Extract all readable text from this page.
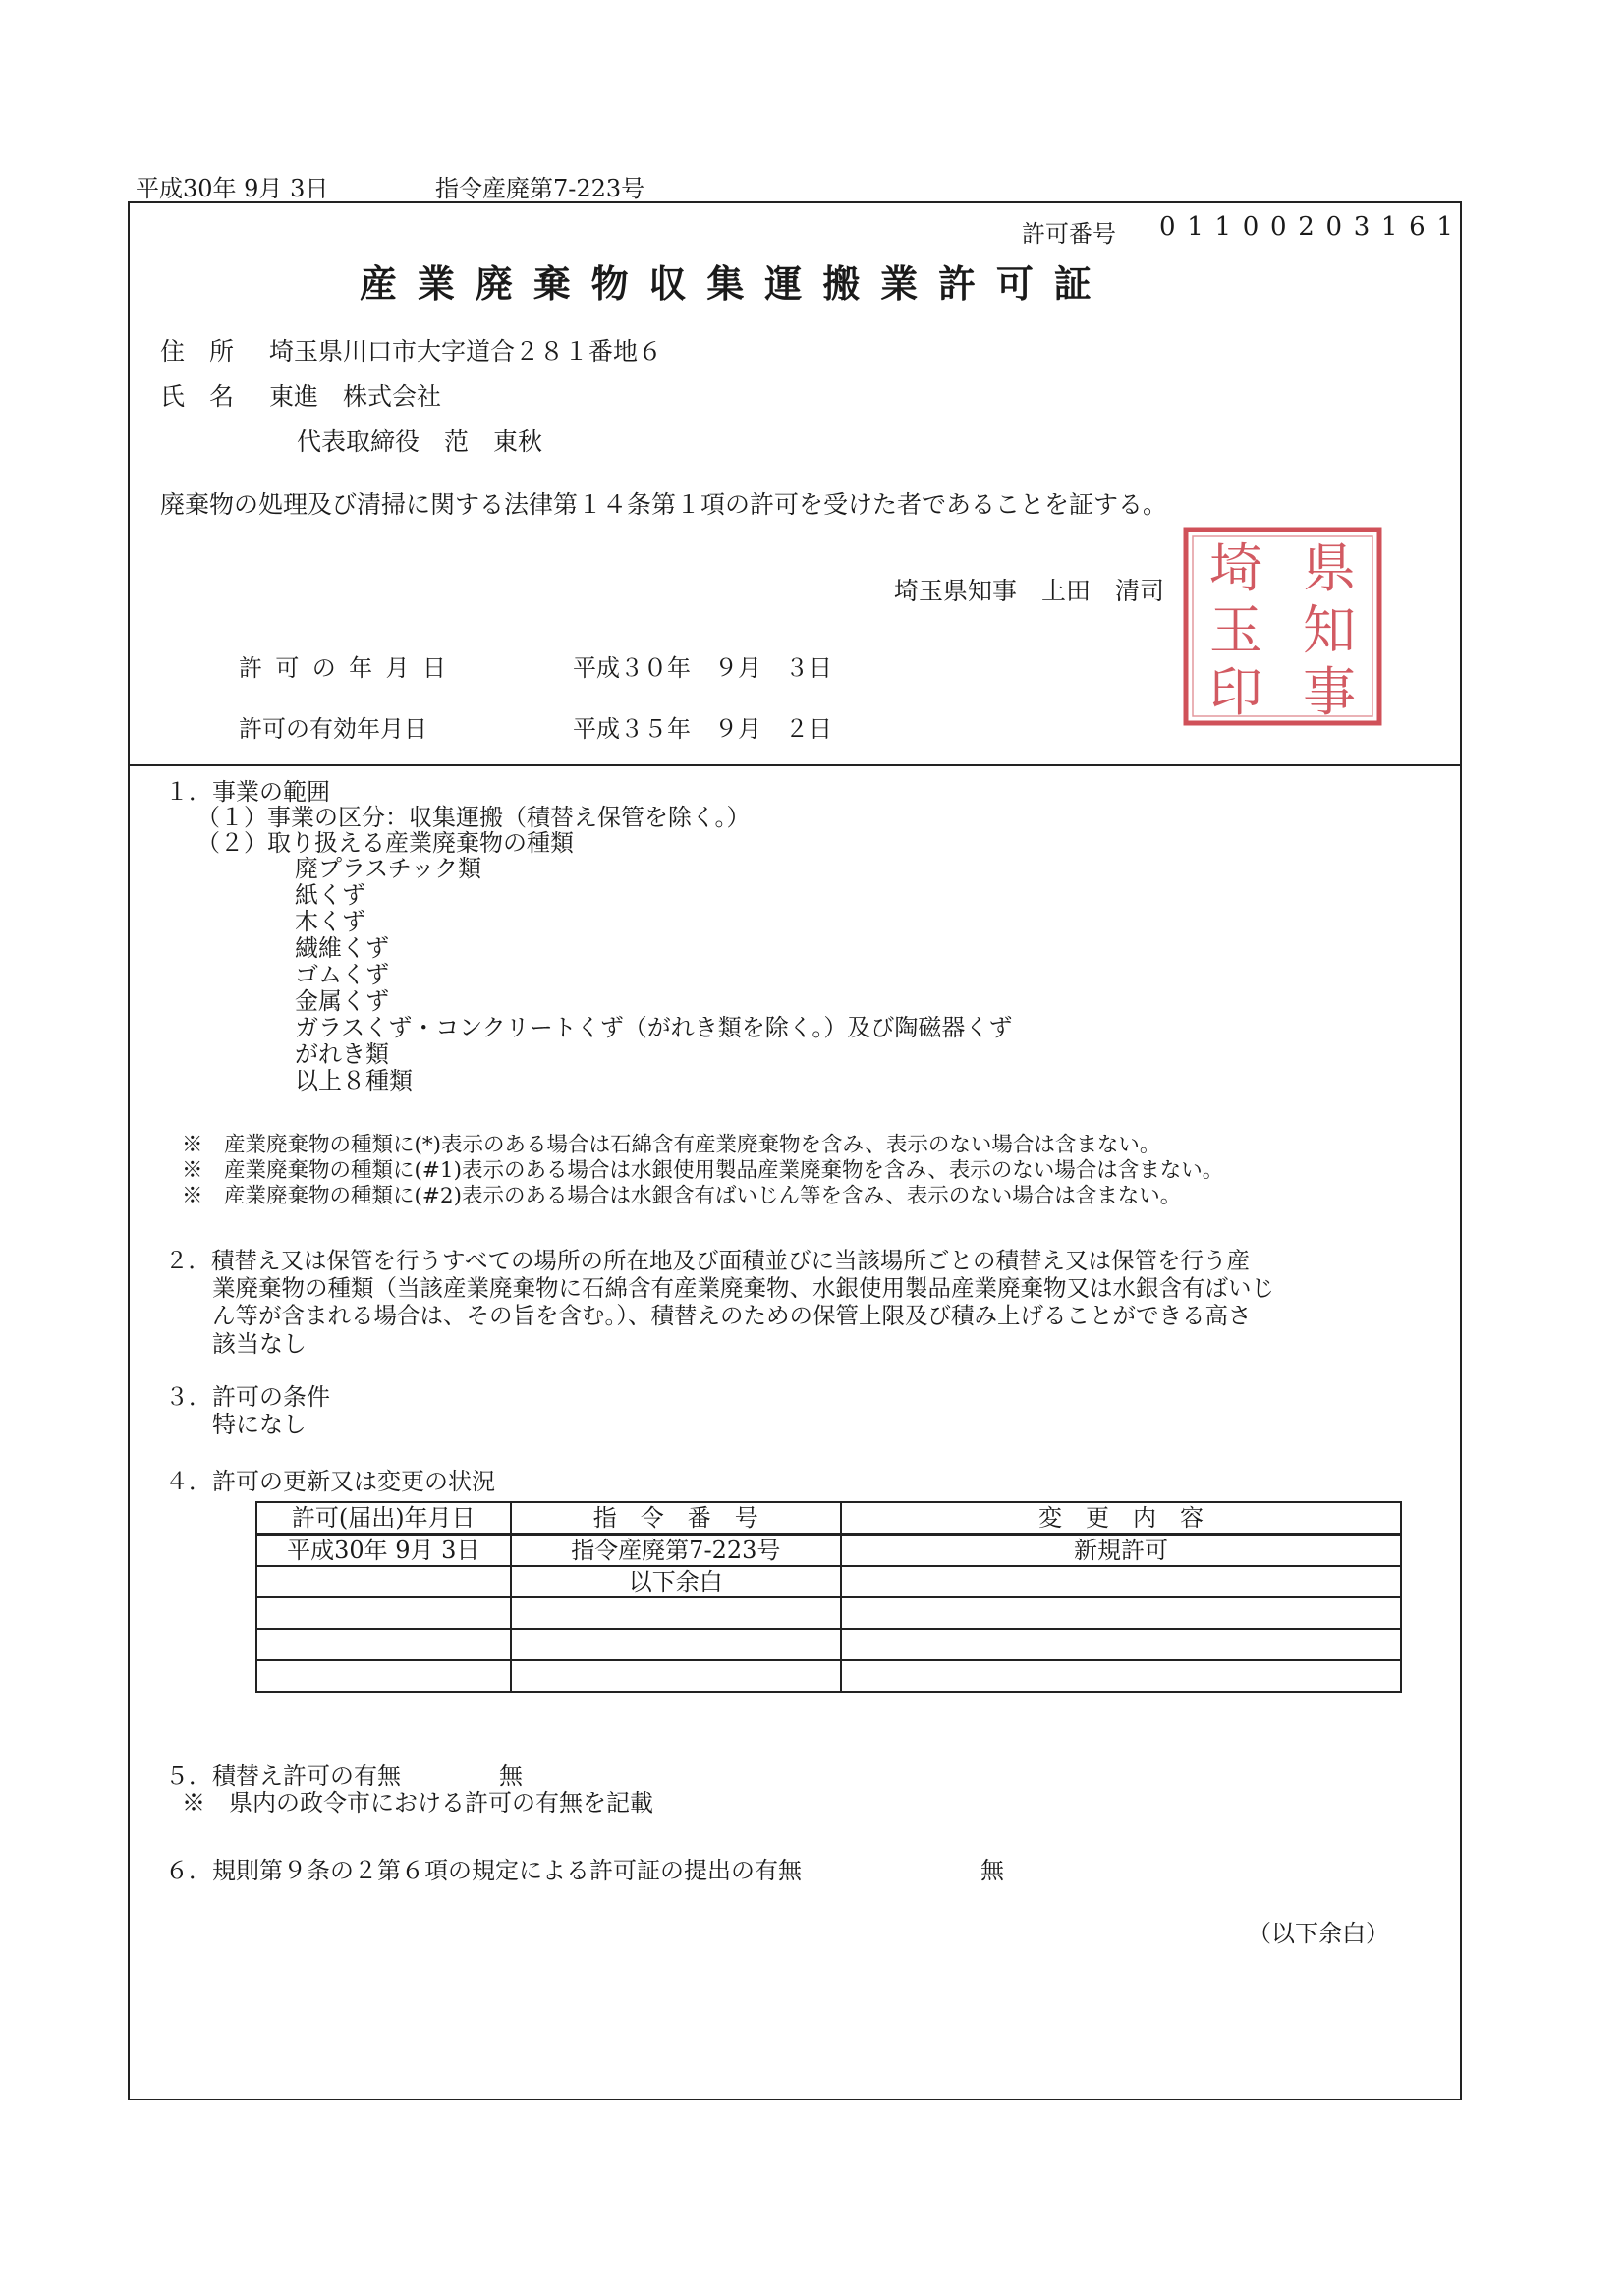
平成30年 9月 3日	指令産廃第7-223号
許可番号 01100203161
産業廃棄物収集運搬業許可証
住　所 埼玉県川口市大字道合２８１番地６
氏　名 東進　株式会社
代表取締役　范　東秋
廃棄物の処理及び清掃に関する法律第１４条第１項の許可を受けた者であることを証する。
埼玉県知事　上田　清司	県
知
事
埼
玉
印
許 可 の 年 月 日	平成３０年　９月　３日
許可の有効年月日	平成３５年　９月　２日
１．事業の範囲
（１）事業の区分：収集運搬（積替え保管を除く。）
（２）取り扱える産業廃棄物の種類
廃プラスチック類
紙くず
木くず
繊維くず
ゴムくず
金属くず
ガラスくず・コンクリートくず（がれき類を除く。）及び陶磁器くず
がれき類
以上８種類
※　産業廃棄物の種類に(*)表示のある場合は石綿含有産業廃棄物を含み、表示のない場合は含まない。
※　産業廃棄物の種類に(#1)表示のある場合は水銀使用製品産業廃棄物を含み、表示のない場合は含まない。
※　産業廃棄物の種類に(#2)表示のある場合は水銀含有ばいじん等を含み、表示のない場合は含まない。
２．積替え又は保管を行うすべての場所の所在地及び面積並びに当該場所ごとの積替え又は保管を行う産
業廃棄物の種類（当該産業廃棄物に石綿含有産業廃棄物、水銀使用製品産業廃棄物又は水銀含有ばいじ
ん等が含まれる場合は、その旨を含む。）、積替えのための保管上限及び積み上げることができる高さ
該当なし
３．許可の条件
特になし
４．許可の更新又は変更の状況
許可(届出)年月日	指　令　番　号	変　更　内　容
平成30年 9月 3日	指令産廃第7-223号	新規許可
	以下余白	

５．積替え許可の有無	無
※　県内の政令市における許可の有無を記載
６．規則第９条の２第６項の規定による許可証の提出の有無	無
（以下余白）
